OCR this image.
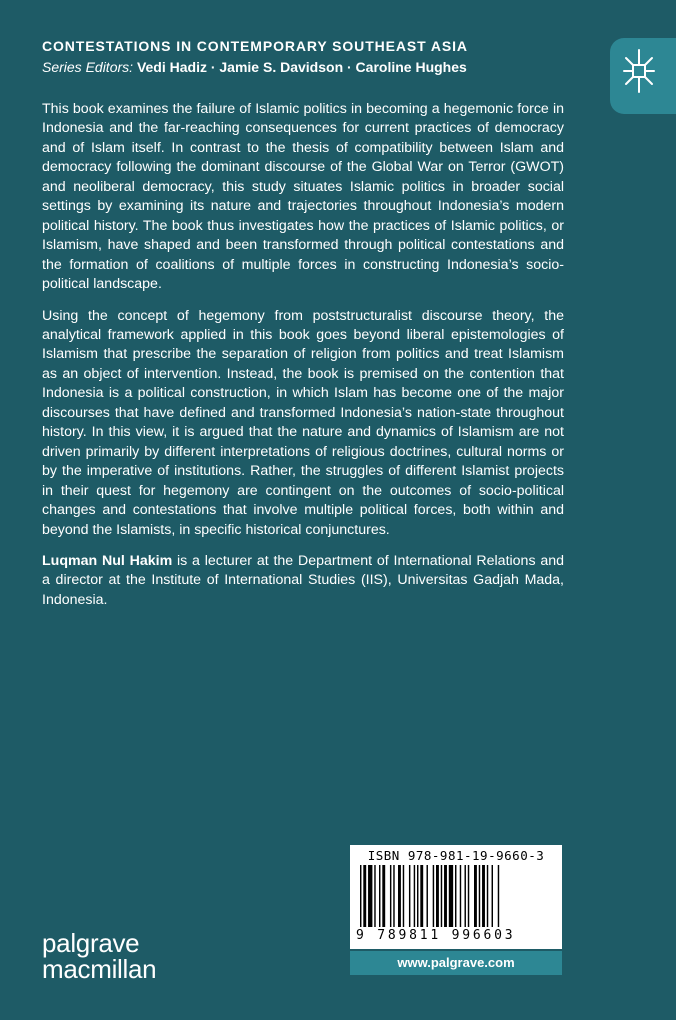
CONTESTATIONS IN CONTEMPORARY SOUTHEAST ASIA
Series Editors: Vedi Hadiz · Jamie S. Davidson · Caroline Hughes

This book examines the failure of Islamic politics in becoming a hegemonic force in Indonesia and the far-reaching consequences for current practices of democracy and of Islam itself. In contrast to the thesis of compatibility between Islam and democracy following the dominant discourse of the Global War on Terror (GWOT) and neoliberal democracy, this study situates Islamic politics in broader social settings by examining its nature and trajectories throughout Indonesia’s modern political history. The book thus investigates how the practices of Islamic politics, or Islamism, have shaped and been transformed through political contestations and the formation of coalitions of multiple forces in constructing Indonesia’s socio-political landscape.

Using the concept of hegemony from poststructuralist discourse theory, the analytical framework applied in this book goes beyond liberal epistemologies of Islamism that prescribe the separation of religion from politics and treat Islamism as an object of intervention. Instead, the book is premised on the contention that Indonesia is a political construction, in which Islam has become one of the major discourses that have defined and transformed Indonesia’s nation-state throughout history. In this view, it is argued that the nature and dynamics of Islamism are not driven primarily by different interpretations of religious doctrines, cultural norms or by the imperative of institutions. Rather, the struggles of different Islamist projects in their quest for hegemony are contingent on the outcomes of socio-political changes and contestations that involve multiple political forces, both within and beyond the Islamists, in specific historical conjunctures.

Luqman Nul Hakim is a lecturer at the Department of International Relations and a director at the Institute of International Studies (IIS), Universitas Gadjah Mada, Indonesia.

ISBN 978-981-19-9660-3
9 789811 996603
www.palgrave.com
palgrave
macmillan
